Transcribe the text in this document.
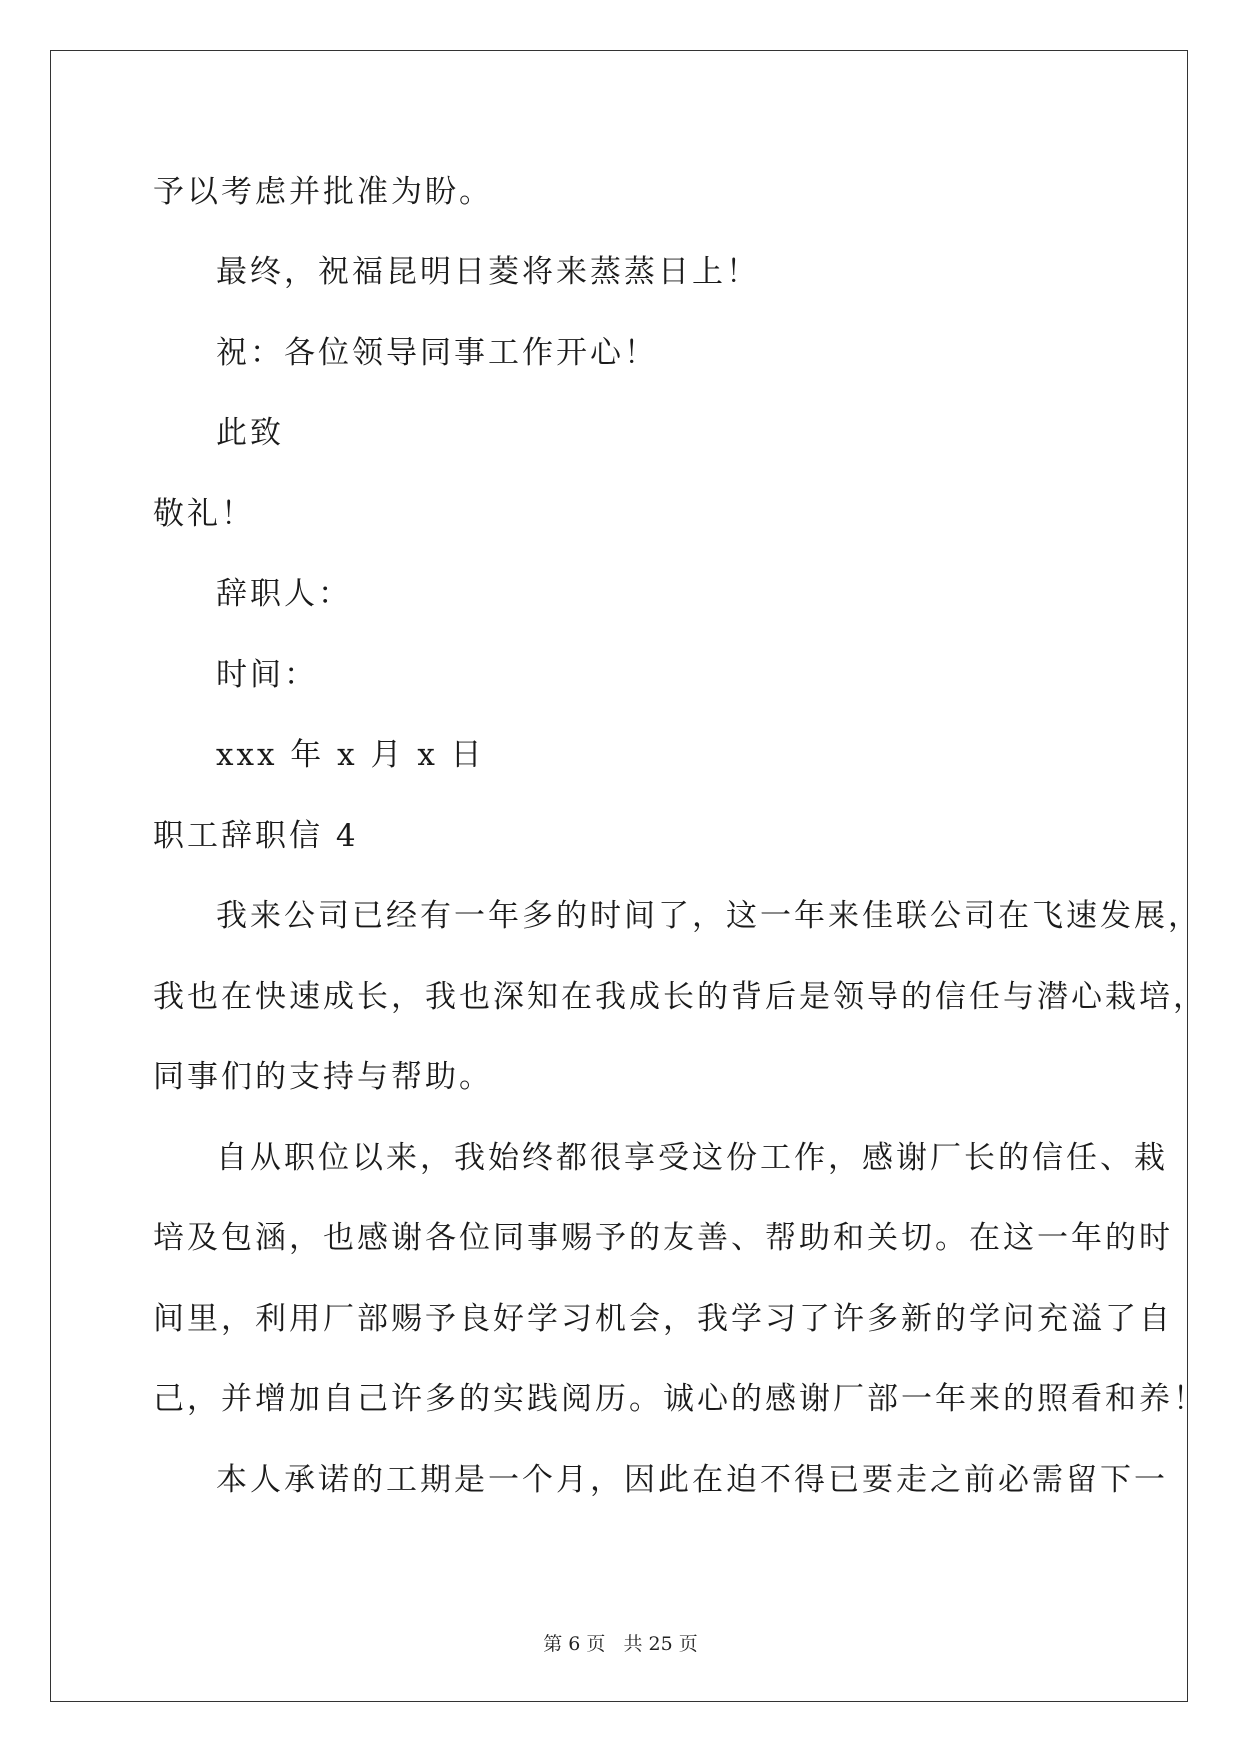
予以考虑并批准为盼。
最终，祝福昆明日菱将来蒸蒸日上！
祝：各位领导同事工作开心！
此致
敬礼！
辞职人：
时间：
xxx 年 x 月 x 日
职工辞职信 4
我来公司已经有一年多的时间了，这一年来佳联公司在飞速发展，
我也在快速成长，我也深知在我成长的背后是领导的信任与潜心栽培，
同事们的支持与帮助。
自从职位以来，我始终都很享受这份工作，感谢厂长的信任、栽
培及包涵，也感谢各位同事赐予的友善、帮助和关切。在这一年的时
间里，利用厂部赐予良好学习机会，我学习了许多新的学问充溢了自
己，并增加自己许多的实践阅历。诚心的感谢厂部一年来的照看和养！
本人承诺的工期是一个月，因此在迫不得已要走之前必需留下一
第 6 页 共 25 页
